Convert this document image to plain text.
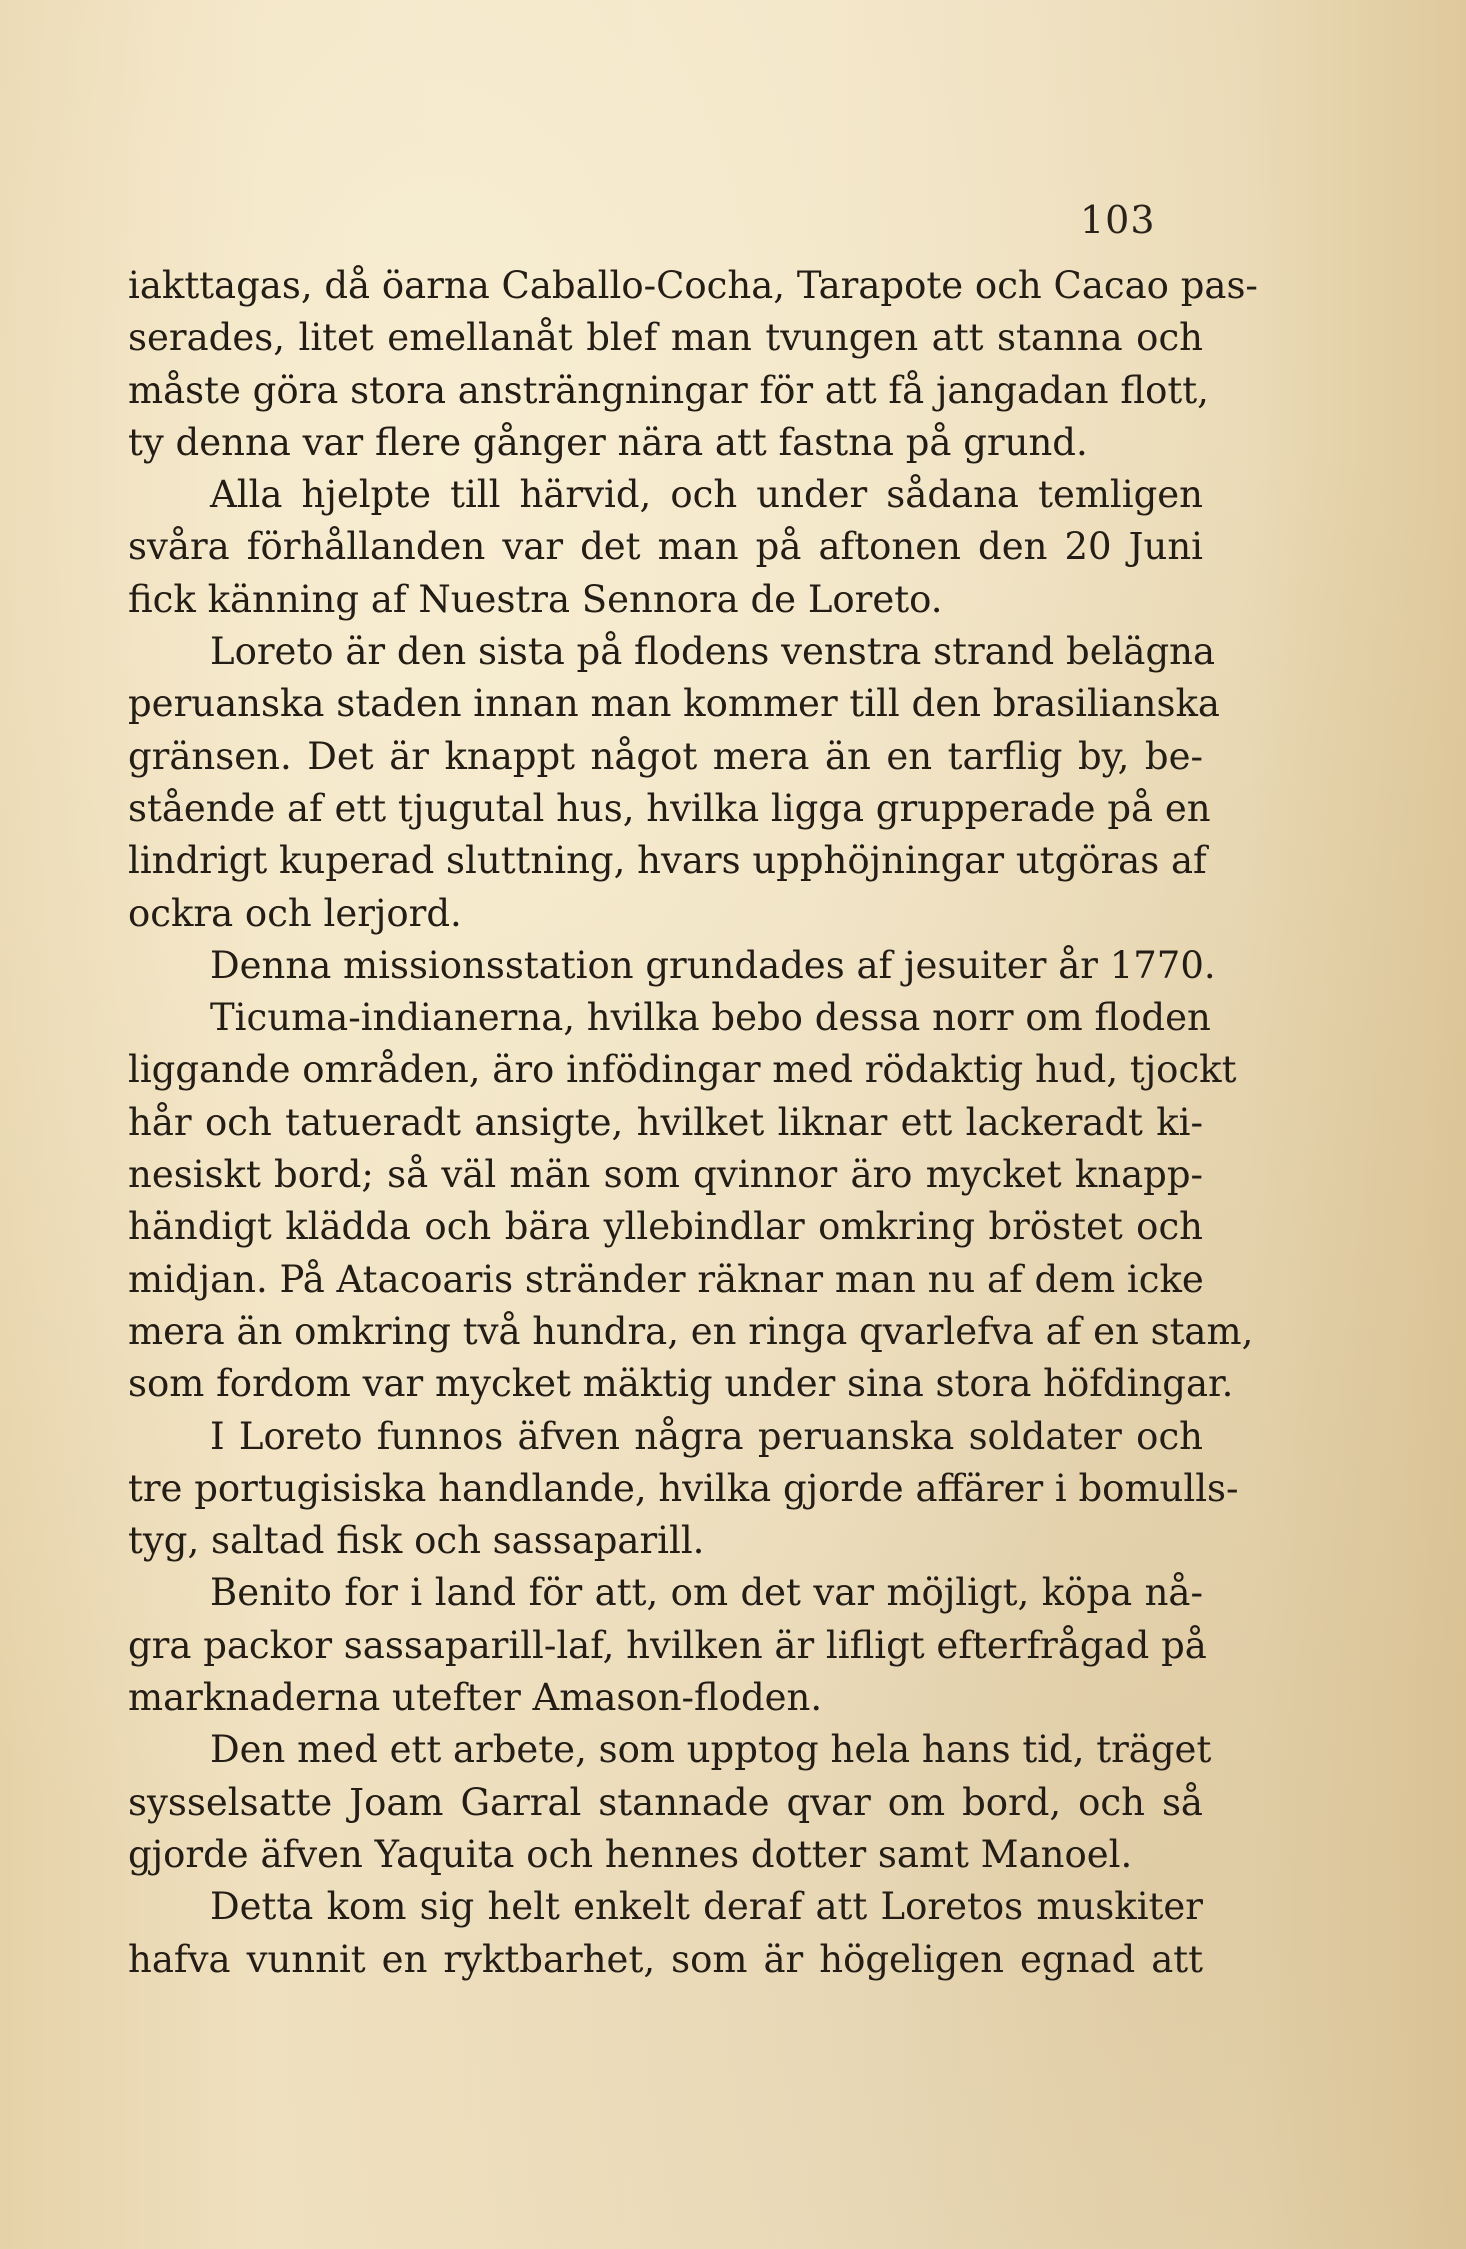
103
iakttagas, då öarna Caballo-Cocha, Tarapote och Cacao pas-
serades, litet emellanåt blef man tvungen att stanna och
måste göra stora ansträngningar för att få jangadan flott,
ty denna var flere gånger nära att fastna på grund.
Alla hjelpte till härvid, och under sådana temligen
svåra förhållanden var det man på aftonen den 20 Juni
fick känning af Nuestra Sennora de Loreto.
Loreto är den sista på flodens venstra strand belägna
peruanska staden innan man kommer till den brasilianska
gränsen. Det är knappt något mera än en tarflig by, be-
stående af ett tjugutal hus, hvilka ligga grupperade på en
lindrigt kuperad sluttning, hvars upphöjningar utgöras af
ockra och lerjord.
Denna missionsstation grundades af jesuiter år 1770.
Ticuma-indianerna, hvilka bebo dessa norr om floden
liggande områden, äro infödingar med rödaktig hud, tjockt
hår och tatueradt ansigte, hvilket liknar ett lackeradt ki-
nesiskt bord; så väl män som qvinnor äro mycket knapp-
händigt klädda och bära yllebindlar omkring bröstet och
midjan. På Atacoaris stränder räknar man nu af dem icke
mera än omkring två hundra, en ringa qvarlefva af en stam,
som fordom var mycket mäktig under sina stora höfdingar.
I Loreto funnos äfven några peruanska soldater och
tre portugisiska handlande, hvilka gjorde affärer i bomulls-
tyg, saltad fisk och sassaparill.
Benito for i land för att, om det var möjligt, köpa nå-
gra packor sassaparill-laf, hvilken är lifligt efterfrågad på
marknaderna utefter Amason-floden.
Den med ett arbete, som upptog hela hans tid, träget
sysselsatte Joam Garral stannade qvar om bord, och så
gjorde äfven Yaquita och hennes dotter samt Manoel.
Detta kom sig helt enkelt deraf att Loretos muskiter
hafva vunnit en ryktbarhet, som är högeligen egnad att
